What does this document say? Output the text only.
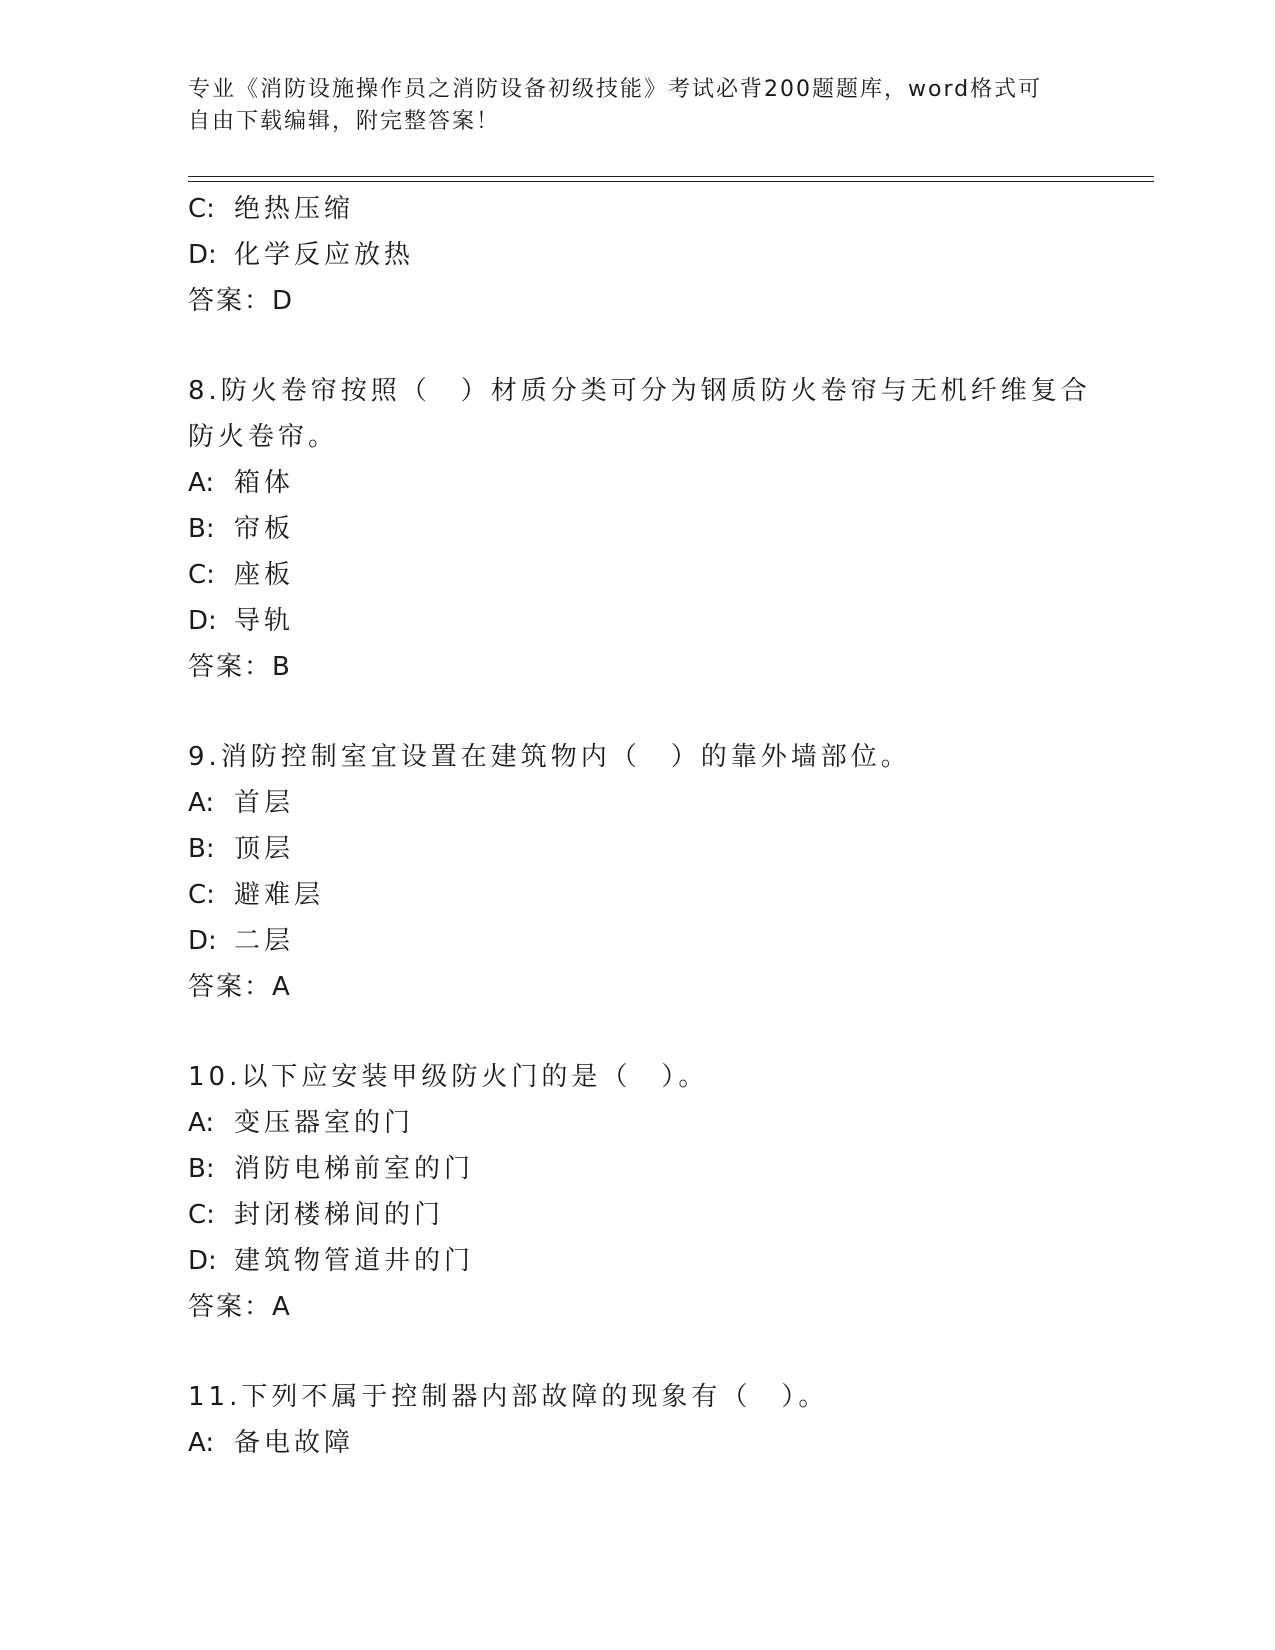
专业《消防设施操作员之消防设备初级技能》考试必背200题题库，word格式可
自由下载编辑，附完整答案！
C: 绝热压缩
D: 化学反应放热
答案：D
8.防火卷帘按照（　）材质分类可分为钢质防火卷帘与无机纤维复合
防火卷帘。
A: 箱体
B: 帘板
C: 座板
D: 导轨
答案：B
9.消防控制室宜设置在建筑物内（　）的靠外墙部位。
A: 首层
B: 顶层
C: 避难层
D: 二层
答案：A
10.以下应安装甲级防火门的是（　）。
A: 变压器室的门
B: 消防电梯前室的门
C: 封闭楼梯间的门
D: 建筑物管道井的门
答案：A
11.下列不属于控制器内部故障的现象有（　）。
A: 备电故障
